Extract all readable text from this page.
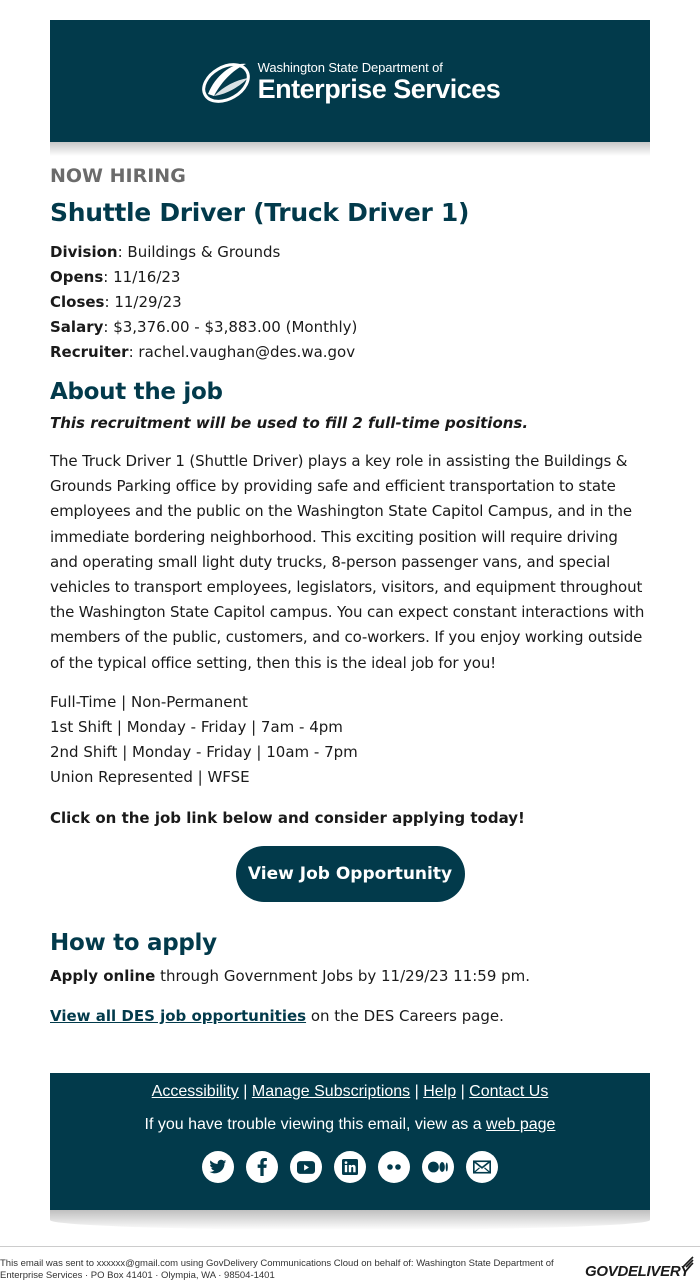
Washington State Department of
Enterprise Services
NOW HIRING
Shuttle Driver (Truck Driver 1)
Division: Buildings & Grounds
Opens: 11/16/23
Closes: 11/29/23
Salary: $3,376.00 - $3,883.00 (Monthly)
Recruiter: rachel.vaughan@des.wa.gov
About the job
This recruitment will be used to fill 2 full-time positions.
The Truck Driver 1 (Shuttle Driver) plays a key role in assisting the Buildings & Grounds Parking office by providing safe and efficient transportation to state employees and the public on the Washington State Capitol Campus, and in the immediate bordering neighborhood. This exciting position will require driving and operating small light duty trucks, 8-person passenger vans, and special vehicles to transport employees, legislators, visitors, and equipment throughout the Washington State Capitol campus. You can expect constant interactions with members of the public, customers, and co-workers. If you enjoy working outside of the typical office setting, then this is the ideal job for you!
Full-Time | Non-Permanent
1st Shift | Monday - Friday | 7am - 4pm
2nd Shift | Monday - Friday | 10am - 7pm
Union Represented | WFSE
Click on the job link below and consider applying today!
View Job Opportunity
How to apply
Apply online through Government Jobs by 11/29/23 11:59 pm.
View all DES job opportunities on the DES Careers page.
Accessibility | Manage Subscriptions | Help | Contact Us
If you have trouble viewing this email, view as a web page
This email was sent to xxxxxx@gmail.com using GovDelivery Communications Cloud on behalf of: Washington State Department of Enterprise Services · PO Box 41401 · Olympia, WA · 98504-1401	GOVDELIVERY
